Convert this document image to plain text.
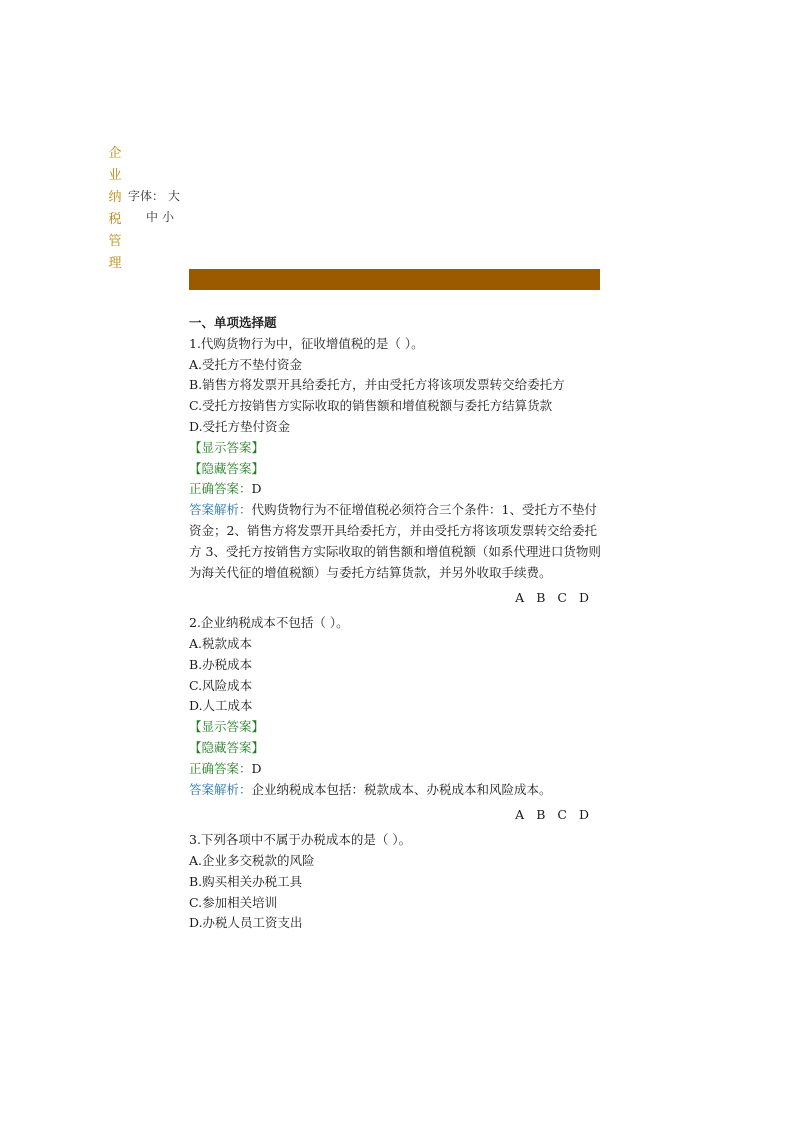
企
业
纳
税
管
理
字体： 大
中 小
一、单项选择题

1.代购货物行为中，征收增值税的是（ ）。

A.受托方不垫付资金

B.销售方将发票开具给委托方，并由受托方将该项发票转交给委托方

C.受托方按销售方实际收取的销售额和增值税额与委托方结算货款

D.受托方垫付资金

【显示答案】
【隐藏答案】

正确答案：D

答案解析：代购货物行为不征增值税必须符合三个条件：1、受托方不垫付资金；2、销售方将发票开具给委托方，并由受托方将该项发票转交给委托方 3、受托方按销售方实际收取的销售额和增值税额（如系代理进口货物则为海关代征的增值税额）与委托方结算货款，并另外收取手续费。

A B C D

2.企业纳税成本不包括（ ）。

A.税款成本

B.办税成本

C.风险成本

D.人工成本

【显示答案】
【隐藏答案】

正确答案：D

答案解析：企业纳税成本包括：税款成本、办税成本和风险成本。

A B C D

3.下列各项中不属于办税成本的是（ ）。

A.企业多交税款的风险

B.购买相关办税工具

C.参加相关培训

D.办税人员工资支出
